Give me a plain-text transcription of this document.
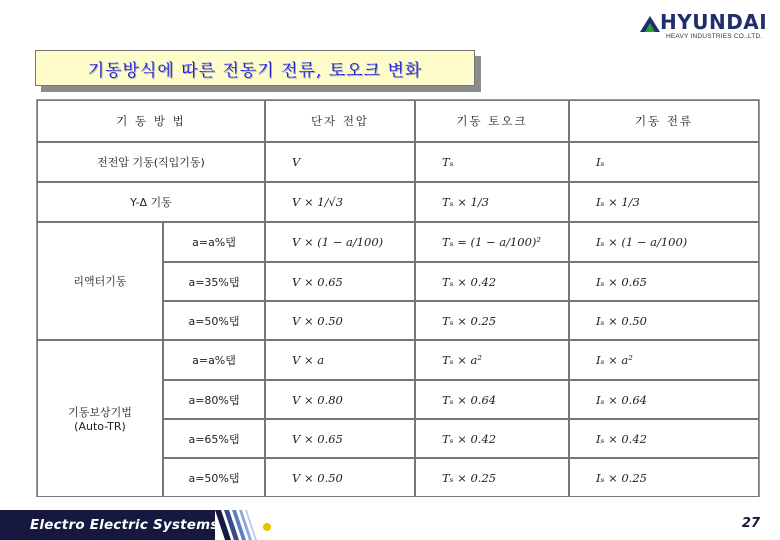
HYUNDAI
HEAVY INDUSTRIES CO.,LTD.
기동방식에 따른 전동기 전류, 토오크 변화
기 동 방 법	단자 전압	기동 토오크	기동 전류
전전압 기동(직입기동)	V	Tₛ	Iₛ
Y-Δ 기동	V × 1/√3	Tₛ × 1/3	Iₛ × 1/3
리액터기동
a=a%탭	V × (1 − a/100)	Tₛ = (1 − a/100)²	Iₛ × (1 − a/100)
a=35%탭	V × 0.65	Tₛ × 0.42	Iₛ × 0.65
a=50%탭	V × 0.50	Tₛ × 0.25	Iₛ × 0.50
기동보상기법
(Auto-TR)
a=a%탭	V × a	Tₛ × a²	Iₛ × a²
a=80%탭	V × 0.80	Tₛ × 0.64	Iₛ × 0.64
a=65%탭	V × 0.65	Tₛ × 0.42	Iₛ × 0.42
a=50%탭	V × 0.50	Tₛ × 0.25	Iₛ × 0.25
Electro Electric Systems	27
